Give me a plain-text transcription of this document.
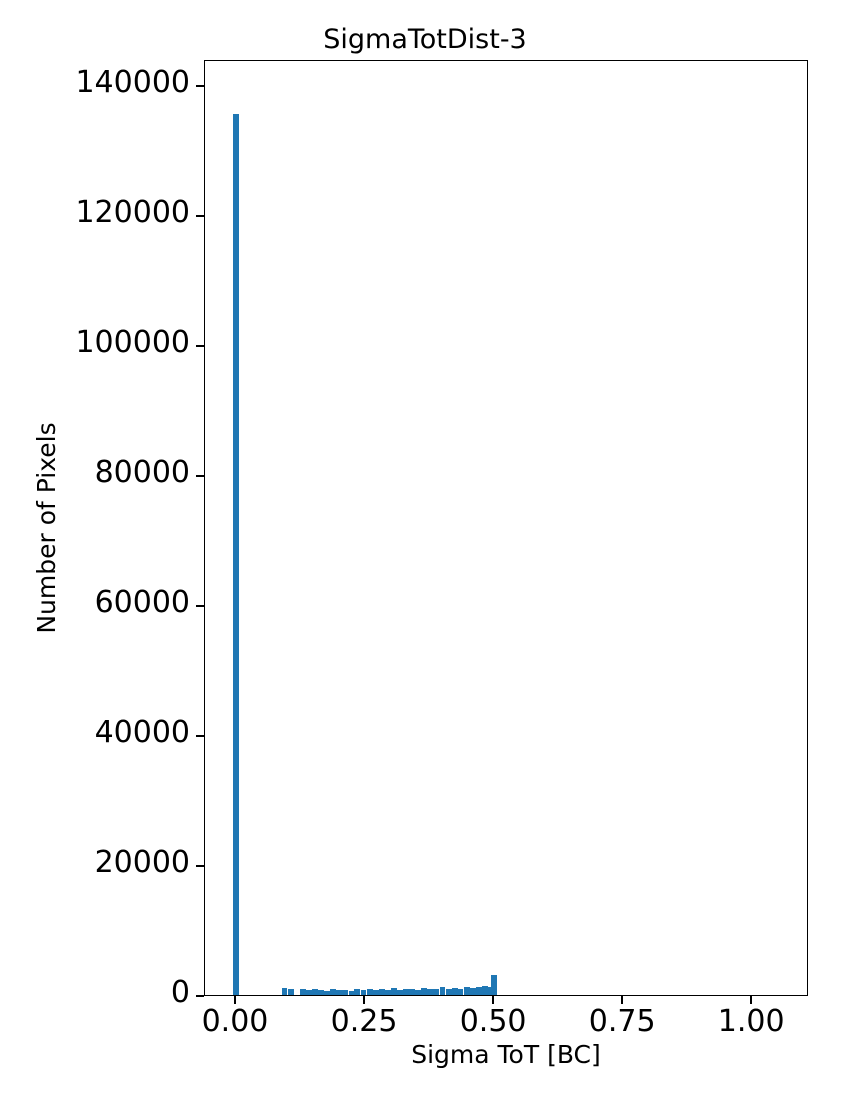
SigmaTotDist-3
0
20000
40000
60000
80000
100000
120000
140000
0.00 0.25 0.50 0.75 1.00
Sigma ToT [BC]
Number of Pixels
